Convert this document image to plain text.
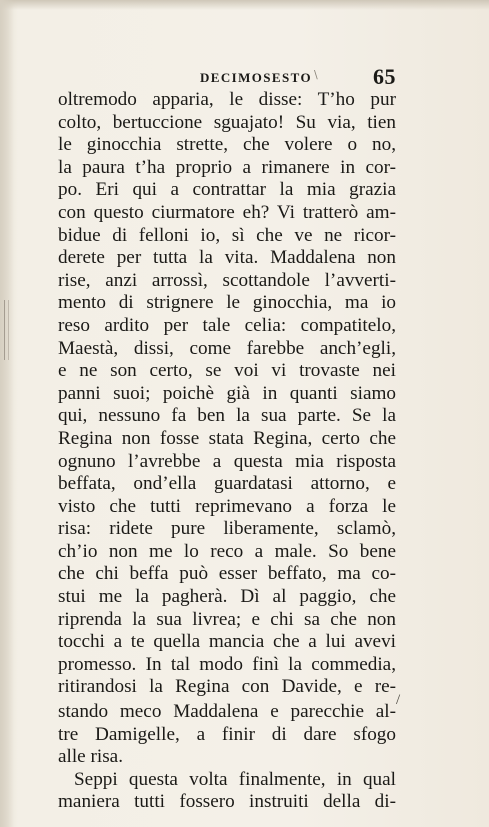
DECIMOSESTO \	65
oltremodo apparia, le disse: T’ho pur
colto, bertuccione sguajato! Su via, tien
le ginocchia strette, che volere o no,
la paura t’ha proprio a rimanere in cor-
po. Eri qui a contrattar la mia grazia
con questo ciurmatore eh? Vi tratterò am-
bidue di felloni io, sì che ve ne ricor-
derete per tutta la vita. Maddalena non
rise, anzi arrossì, scottandole l’avverti-
mento di strignere le ginocchia, ma io
reso ardito per tale celia: compatitelo,
Maestà, dissi, come farebbe anch’egli,
e ne son certo, se voi vi trovaste nei
panni suoi; poichè già in quanti siamo
qui, nessuno fa ben la sua parte. Se la
Regina non fosse stata Regina, certo che
ognuno l’avrebbe a questa mia risposta
beffata, ond’ella guardatasi attorno, e
visto che tutti reprimevano a forza le
risa: ridete pure liberamente, sclamò,
ch’io non me lo reco a male. So bene
che chi beffa può esser beffato, ma co-
stui me la pagherà. Dì al paggio, che
riprenda la sua livrea; e chi sa che non
tocchi a te quella mancia che a lui avevi
promesso. In tal modo finì la commedia,
ritirandosi la Regina con Davide, e re-
stando meco Maddalena e parecchie al-
tre Damigelle, a finir di dare sfogo
alle risa.
Seppi questa volta finalmente, in qual
maniera tutti fossero instruiti della di-
/
